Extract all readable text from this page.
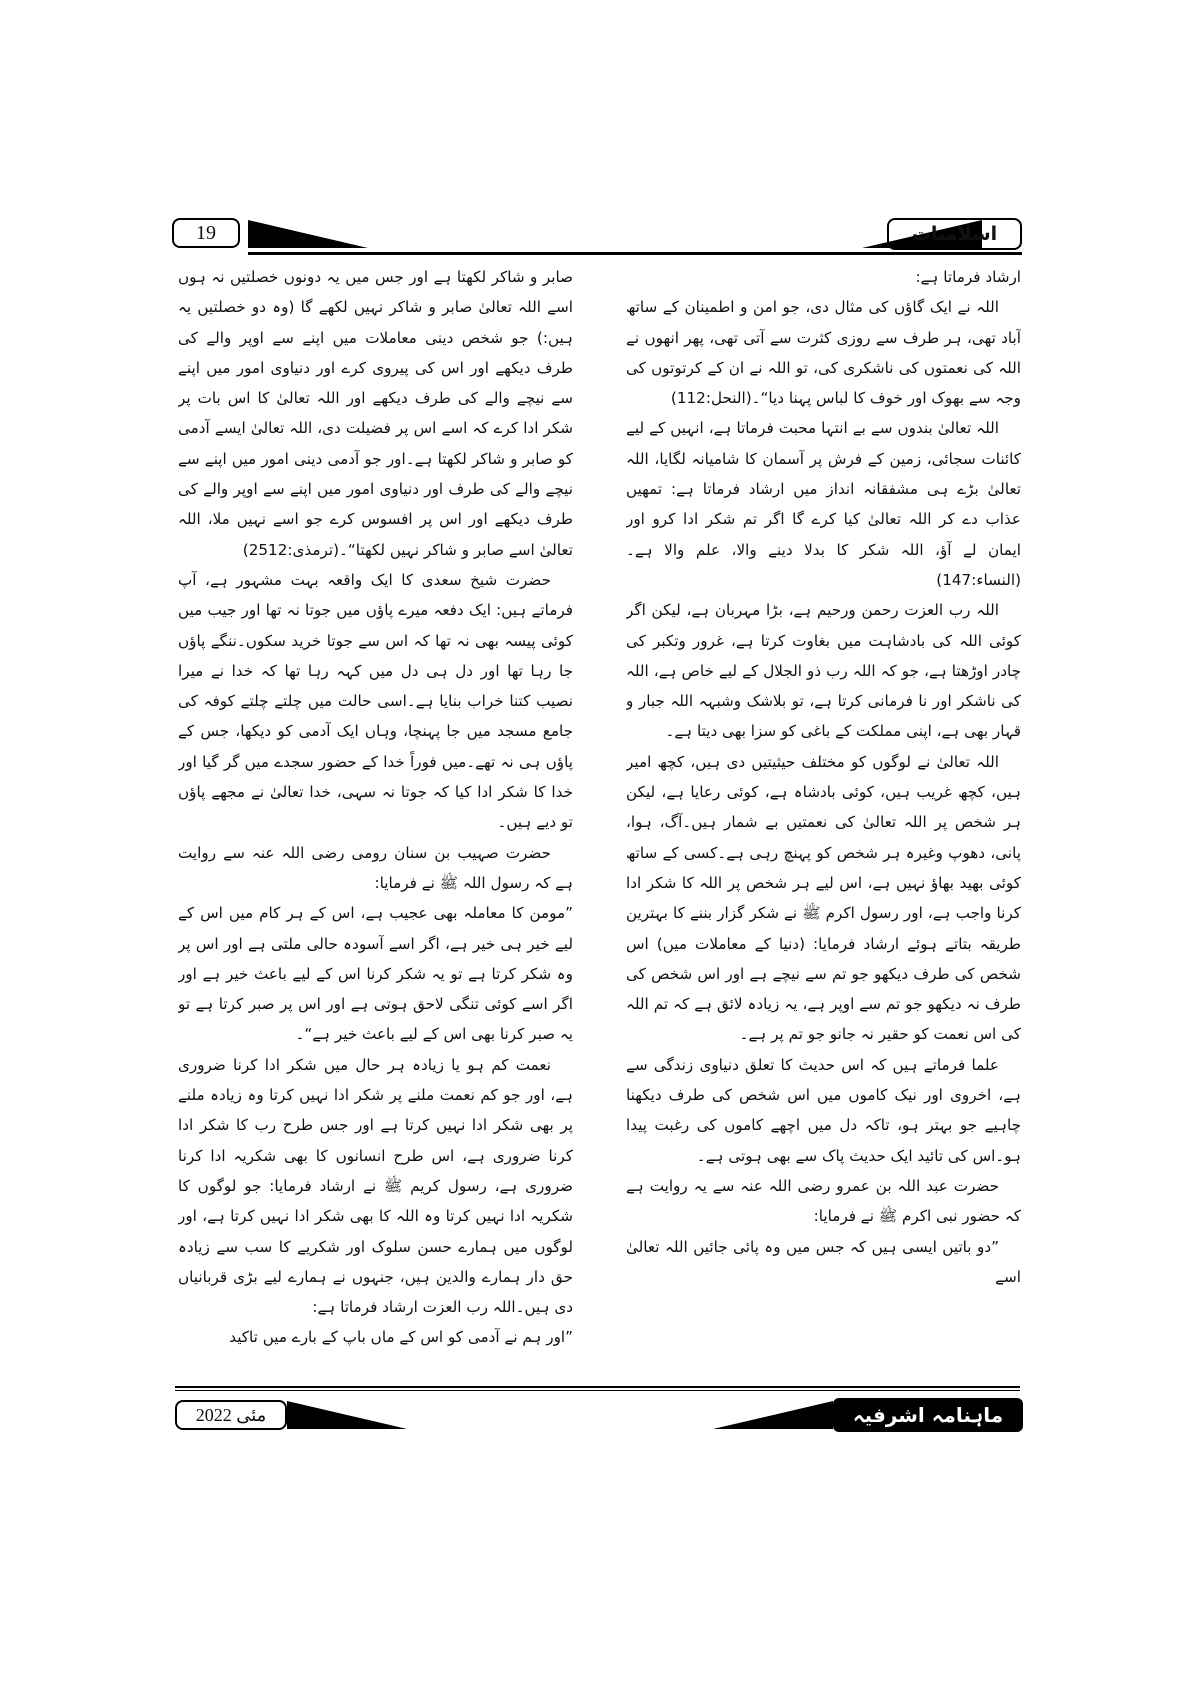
19	اسلامیات

ارشاد فرماتا ہے:

اللہ نے ایک گاؤں کی مثال دی، جو امن و اطمینان کے ساتھ آباد تھی، ہر طرف سے روزی کثرت سے آتی تھی، پھر انھوں نے اللہ کی نعمتوں کی ناشکری کی، تو اللہ نے ان کے کرتوتوں کی وجہ سے بھوک اور خوف کا لباس پہنا دیا“۔(النحل:112)

اللہ تعالیٰ بندوں سے بے انتہا محبت فرماتا ہے، انہیں کے لیے کائنات سجائی، زمین کے فرش پر آسمان کا شامیانہ لگایا، اللہ تعالیٰ بڑے ہی مشفقانہ انداز میں ارشاد فرماتا ہے: تمھیں عذاب دے کر اللہ تعالیٰ کیا کرے گا اگر تم شکر ادا کرو اور ایمان لے آؤ، اللہ شکر کا بدلا دینے والا، علم والا ہے۔(النساء:147)

اللہ رب العزت رحمن ورحیم ہے، بڑا مہربان ہے، لیکن اگر کوئی اللہ کی بادشاہت میں بغاوت کرتا ہے، غرور وتکبر کی چادر اوڑھتا ہے، جو کہ اللہ رب ذو الجلال کے لیے خاص ہے، اللہ کی ناشکر اور نا فرمانی کرتا ہے، تو بلاشک وشبہہ اللہ جبار و قہار بھی ہے، اپنی مملکت کے باغی کو سزا بھی دیتا ہے۔

اللہ تعالیٰ نے لوگوں کو مختلف حیثیتیں دی ہیں، کچھ امیر ہیں، کچھ غریب ہیں، کوئی بادشاہ ہے، کوئی رعایا ہے، لیکن ہر شخص پر اللہ تعالیٰ کی نعمتیں بے شمار ہیں۔آگ، ہوا، پانی، دھوپ وغیرہ ہر شخص کو پہنچ رہی ہے۔کسی کے ساتھ کوئی بھید بھاؤ نہیں ہے، اس لیے ہر شخص پر اللہ کا شکر ادا کرنا واجب ہے، اور رسول اکرم ﷺ نے شکر گزار بننے کا بہترین طریقہ بتاتے ہوئے ارشاد فرمایا: (دنیا کے معاملات میں) اس شخص کی طرف دیکھو جو تم سے نیچے ہے اور اس شخص کی طرف نہ دیکھو جو تم سے اوپر ہے، یہ زیادہ لائق ہے کہ تم اللہ کی اس نعمت کو حقیر نہ جانو جو تم پر ہے۔

علما فرماتے ہیں کہ اس حدیث کا تعلق دنیاوی زندگی سے ہے، اخروی اور نیک کاموں میں اس شخص کی طرف دیکھنا چاہیے جو بہتر ہو، تاکہ دل میں اچھے کاموں کی رغبت پیدا ہو۔اس کی تائید ایک حدیث پاک سے بھی ہوتی ہے۔

حضرت عبد اللہ بن عمرو رضی اللہ عنہ سے یہ روایت ہے کہ حضور نبی اکرم ﷺ نے فرمایا:

”دو باتیں ایسی ہیں کہ جس میں وہ پائی جائیں اللہ تعالیٰ اسے

صابر و شاکر لکھتا ہے اور جس میں یہ دونوں خصلتیں نہ ہوں اسے اللہ تعالیٰ صابر و شاکر نہیں لکھے گا (وہ دو خصلتیں یہ ہیں:) جو شخص دینی معاملات میں اپنے سے اوپر والے کی طرف دیکھے اور اس کی پیروی کرے اور دنیاوی امور میں اپنے سے نیچے والے کی طرف دیکھے اور اللہ تعالیٰ کا اس بات پر شکر ادا کرے کہ اسے اس پر فضیلت دی، اللہ تعالیٰ ایسے آدمی کو صابر و شاکر لکھتا ہے۔اور جو آدمی دینی امور میں اپنے سے نیچے والے کی طرف اور دنیاوی امور میں اپنے سے اوپر والے کی طرف دیکھے اور اس پر افسوس کرے جو اسے نہیں ملا، اللہ تعالیٰ اسے صابر و شاکر نہیں لکھتا“۔(ترمذی:2512)

حضرت شیخ سعدی کا ایک واقعہ بہت مشہور ہے، آپ فرماتے ہیں: ایک دفعہ میرے پاؤں میں جوتا نہ تھا اور جیب میں کوئی پیسہ بھی نہ تھا کہ اس سے جوتا خرید سکوں۔ننگے پاؤں جا رہا تھا اور دل ہی دل میں کہہ رہا تھا کہ خدا نے میرا نصیب کتنا خراب بنایا ہے۔اسی حالت میں چلتے چلتے کوفہ کی جامع مسجد میں جا پہنچا، وہاں ایک آدمی کو دیکھا، جس کے پاؤں ہی نہ تھے۔میں فوراً خدا کے حضور سجدے میں گر گیا اور خدا کا شکر ادا کیا کہ جوتا نہ سہی، خدا تعالیٰ نے مجھے پاؤں تو دیے ہیں۔

حضرت صہیب بن سنان رومی رضی اللہ عنہ سے روایت ہے کہ رسول اللہ ﷺ نے فرمایا:

”مومن کا معاملہ بھی عجیب ہے، اس کے ہر کام میں اس کے لیے خیر ہی خیر ہے، اگر اسے آسودہ حالی ملتی ہے اور اس پر وہ شکر کرتا ہے تو یہ شکر کرنا اس کے لیے باعث خیر ہے اور اگر اسے کوئی تنگی لاحق ہوتی ہے اور اس پر صبر کرتا ہے تو یہ صبر کرنا بھی اس کے لیے باعث خیر ہے“۔

نعمت کم ہو یا زیادہ ہر حال میں شکر ادا کرنا ضروری ہے، اور جو کم نعمت ملنے پر شکر ادا نہیں کرتا وہ زیادہ ملنے پر بھی شکر ادا نہیں کرتا ہے اور جس طرح رب کا شکر ادا کرنا ضروری ہے، اس طرح انسانوں کا بھی شکریہ ادا کرنا ضروری ہے، رسول کریم ﷺ نے ارشاد فرمایا: جو لوگوں کا شکریہ ادا نہیں کرتا وہ اللہ کا بھی شکر ادا نہیں کرتا ہے، اور لوگوں میں ہمارے حسن سلوک اور شکریے کا سب سے زیادہ حق دار ہمارے والدین ہیں، جنہوں نے ہمارے لیے بڑی قربانیاں دی ہیں۔اللہ رب العزت ارشاد فرماتا ہے:

”اور ہم نے آدمی کو اس کے ماں باپ کے بارے میں تاکید

مئی 2022	ماہنامہ اشرفیہ
